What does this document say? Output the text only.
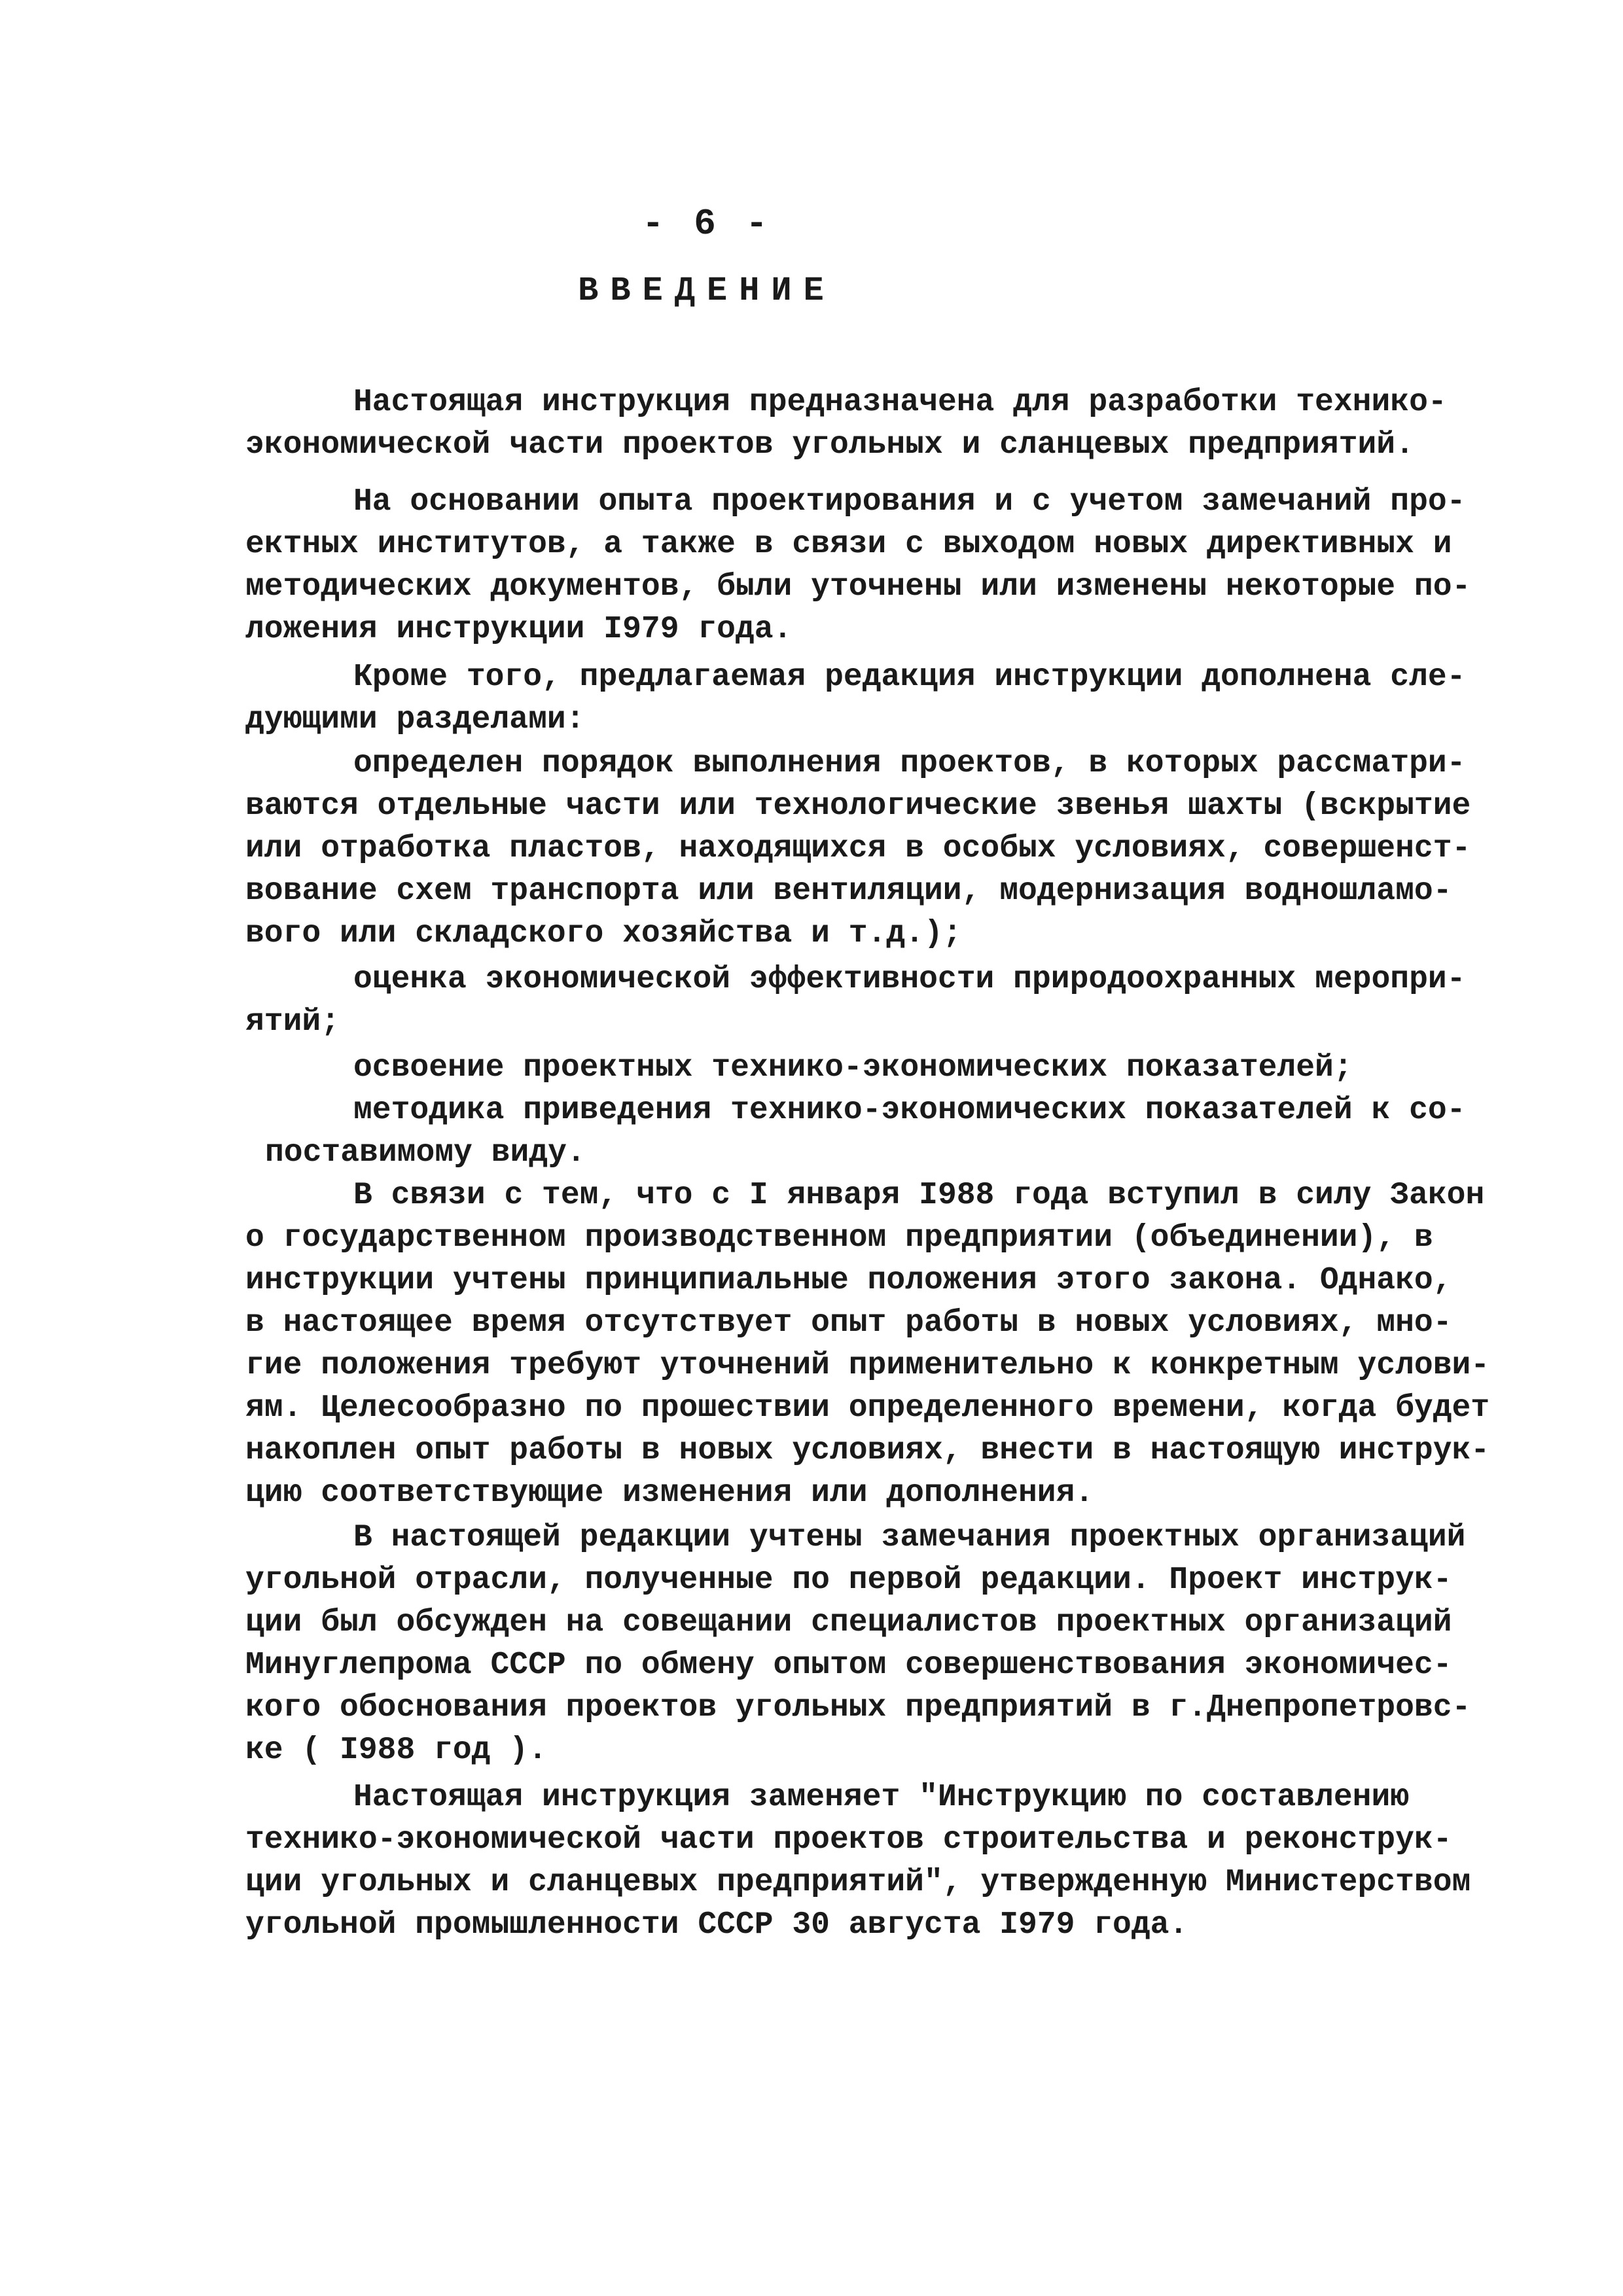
- 6 -
ВВЕДЕНИЕ
Настоящая инструкция предназначена для разработки технико-
экономической части проектов угольных и сланцевых предприятий.
На основании опыта проектирования и с учетом замечаний про-
ектных институтов, а также в связи с выходом новых директивных и
методических документов, были уточнены или изменены некоторые по-
ложения инструкции I979 года.
Кроме того, предлагаемая редакция инструкции дополнена сле-
дующими разделами:
определен порядок выполнения проектов, в которых рассматри-
ваются отдельные части или технологические звенья шахты (вскрытие
или отработка пластов, находящихся в особых условиях, совершенст-
вование схем транспорта или вентиляции, модернизация водношламо-
вого или складского хозяйства и т.д.);
оценка экономической эффективности природоохранных меропри-
ятий;
освоение проектных технико-экономических показателей;
методика приведения технико-экономических показателей к со-
поставимому виду.
В связи с тем, что с I января I988 года вступил в силу Закон
о государственном производственном предприятии (объединении), в
инструкции учтены принципиальные положения этого закона. Однако,
в настоящее время отсутствует опыт работы в новых условиях, мно-
гие положения требуют уточнений применительно к конкретным услови-
ям. Целесообразно по прошествии определенного времени, когда будет
накоплен опыт работы в новых условиях, внести в настоящую инструк-
цию соответствующие изменения или дополнения.
В настоящей редакции учтены замечания проектных организаций
угольной отрасли, полученные по первой редакции. Проект инструк-
ции был обсужден на совещании специалистов проектных организаций
Минуглепрома СССР по обмену опытом совершенствования экономичес-
кого обоснования проектов угольных предприятий в г.Днепропетровс-
ке ( I988 год ).
Настоящая инструкция заменяет "Инструкцию по составлению
технико-экономической части проектов строительства и реконструк-
ции угольных и сланцевых предприятий", утвержденную Министерством
угольной промышленности СССР 30 августа I979 года.
